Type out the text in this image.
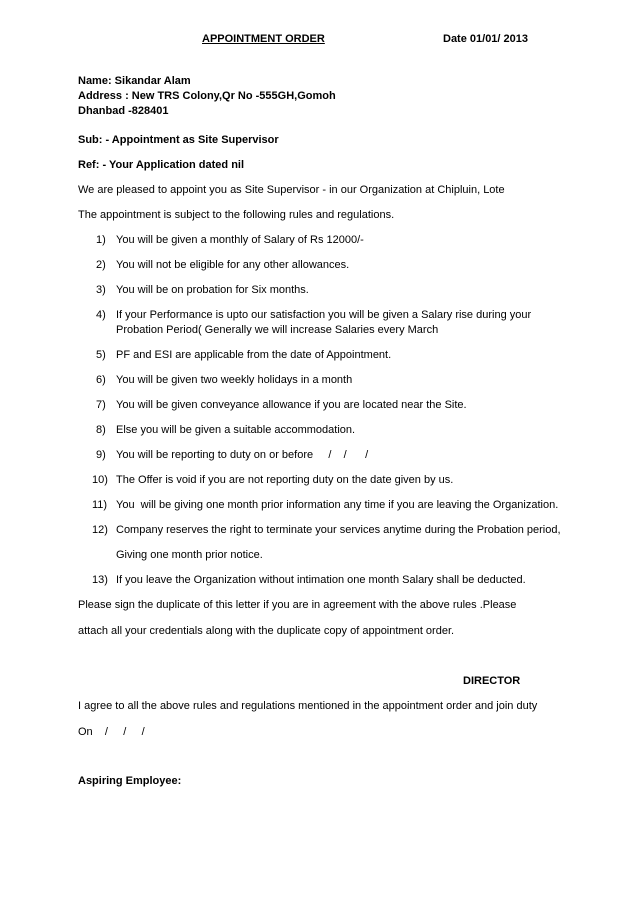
APPOINTMENT ORDER	Date 01/01/ 2013
Name: Sikandar Alam
Address : New TRS Colony,Qr No -555GH,Gomoh
Dhanbad -828401
Sub: - Appointment as Site Supervisor
Ref: - Your Application dated nil
We are pleased to appoint you as Site Supervisor - in our Organization at Chipluin, Lote
The appointment is subject to the following rules and regulations.
1) You will be given a monthly of Salary of Rs 12000/-
2) You will not be eligible for any other allowances.
3) You will be on probation for Six months.
4) If your Performance is upto our satisfaction you will be given a Salary rise during your
Probation Period( Generally we will increase Salaries every March
5) PF and ESI are applicable from the date of Appointment.
6) You will be given two weekly holidays in a month
7) You will be given conveyance allowance if you are located near the Site.
8) Else you will be given a suitable accommodation.
9) You will be reporting to duty on or before     /    /      /
10) The Offer is void if you are not reporting duty on the date given by us.
11) You  will be giving one month prior information any time if you are leaving the Organization.
12) Company reserves the right to terminate your services anytime during the Probation period,
Giving one month prior notice.
13) If you leave the Organization without intimation one month Salary shall be deducted.
Please sign the duplicate of this letter if you are in agreement with the above rules .Please
attach all your credentials along with the duplicate copy of appointment order.
DIRECTOR
I agree to all the above rules and regulations mentioned in the appointment order and join duty
On    /     /     /
Aspiring Employee:
